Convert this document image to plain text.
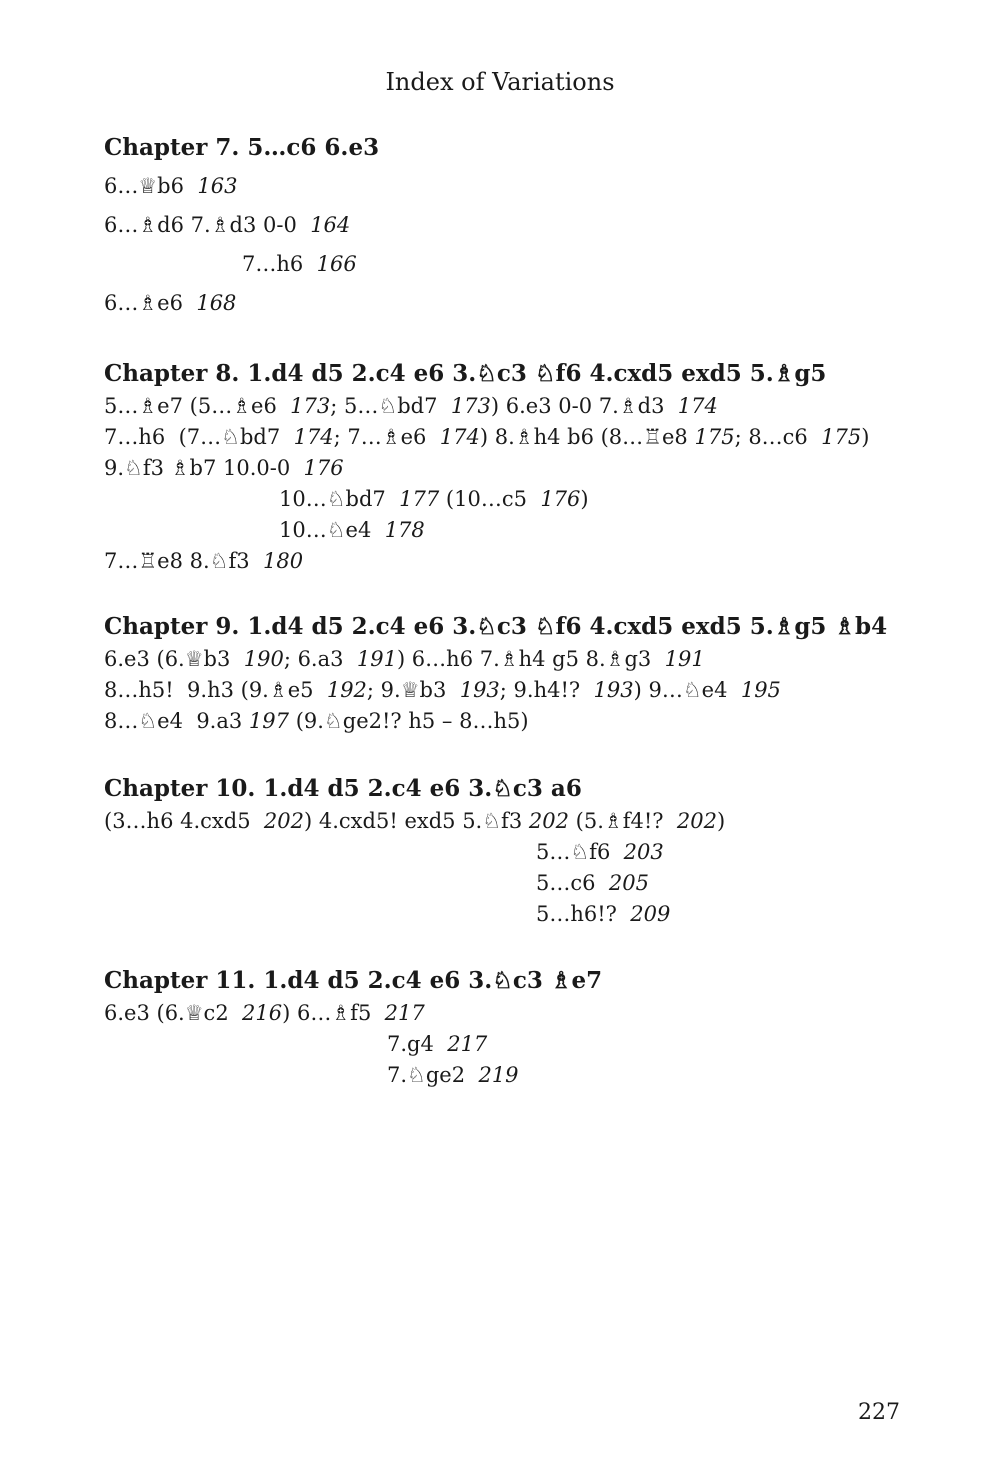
Index of Variations
Chapter 7. 5…c6 6.e3
6…♕b6  163
6…♗d6 7.♗d3 0-0  164
7…h6  166
6…♗e6  168
Chapter 8. 1.d4 d5 2.c4 e6 3.♘c3 ♘f6 4.cxd5 exd5 5.♗g5
5…♗e7 (5…♗e6  173; 5…♘bd7  173) 6.e3 0-0 7.♗d3  174
7…h6  (7…♘bd7  174; 7…♗e6  174) 8.♗h4 b6 (8…♖e8 175; 8…c6  175)
9.♘f3 ♗b7 10.0-0  176
10…♘bd7  177 (10…c5  176)
10…♘e4  178
7…♖e8 8.♘f3  180
Chapter 9. 1.d4 d5 2.c4 e6 3.♘c3 ♘f6 4.cxd5 exd5 5.♗g5 ♗b4
6.e3 (6.♕b3  190; 6.a3  191) 6…h6 7.♗h4 g5 8.♗g3  191
8…h5!  9.h3 (9.♗e5  192; 9.♕b3  193; 9.h4!?  193) 9…♘e4  195
8…♘e4  9.a3 197 (9.♘ge2!? h5 – 8…h5)
Chapter 10. 1.d4 d5 2.c4 e6 3.♘c3 a6
(3…h6 4.cxd5  202) 4.cxd5! exd5 5.♘f3 202 (5.♗f4!?  202)
5…♘f6  203
5…c6  205
5…h6!?  209
Chapter 11. 1.d4 d5 2.c4 e6 3.♘c3 ♗e7
6.e3 (6.♕c2  216) 6…♗f5  217
7.g4  217
7.♘ge2  219
227
